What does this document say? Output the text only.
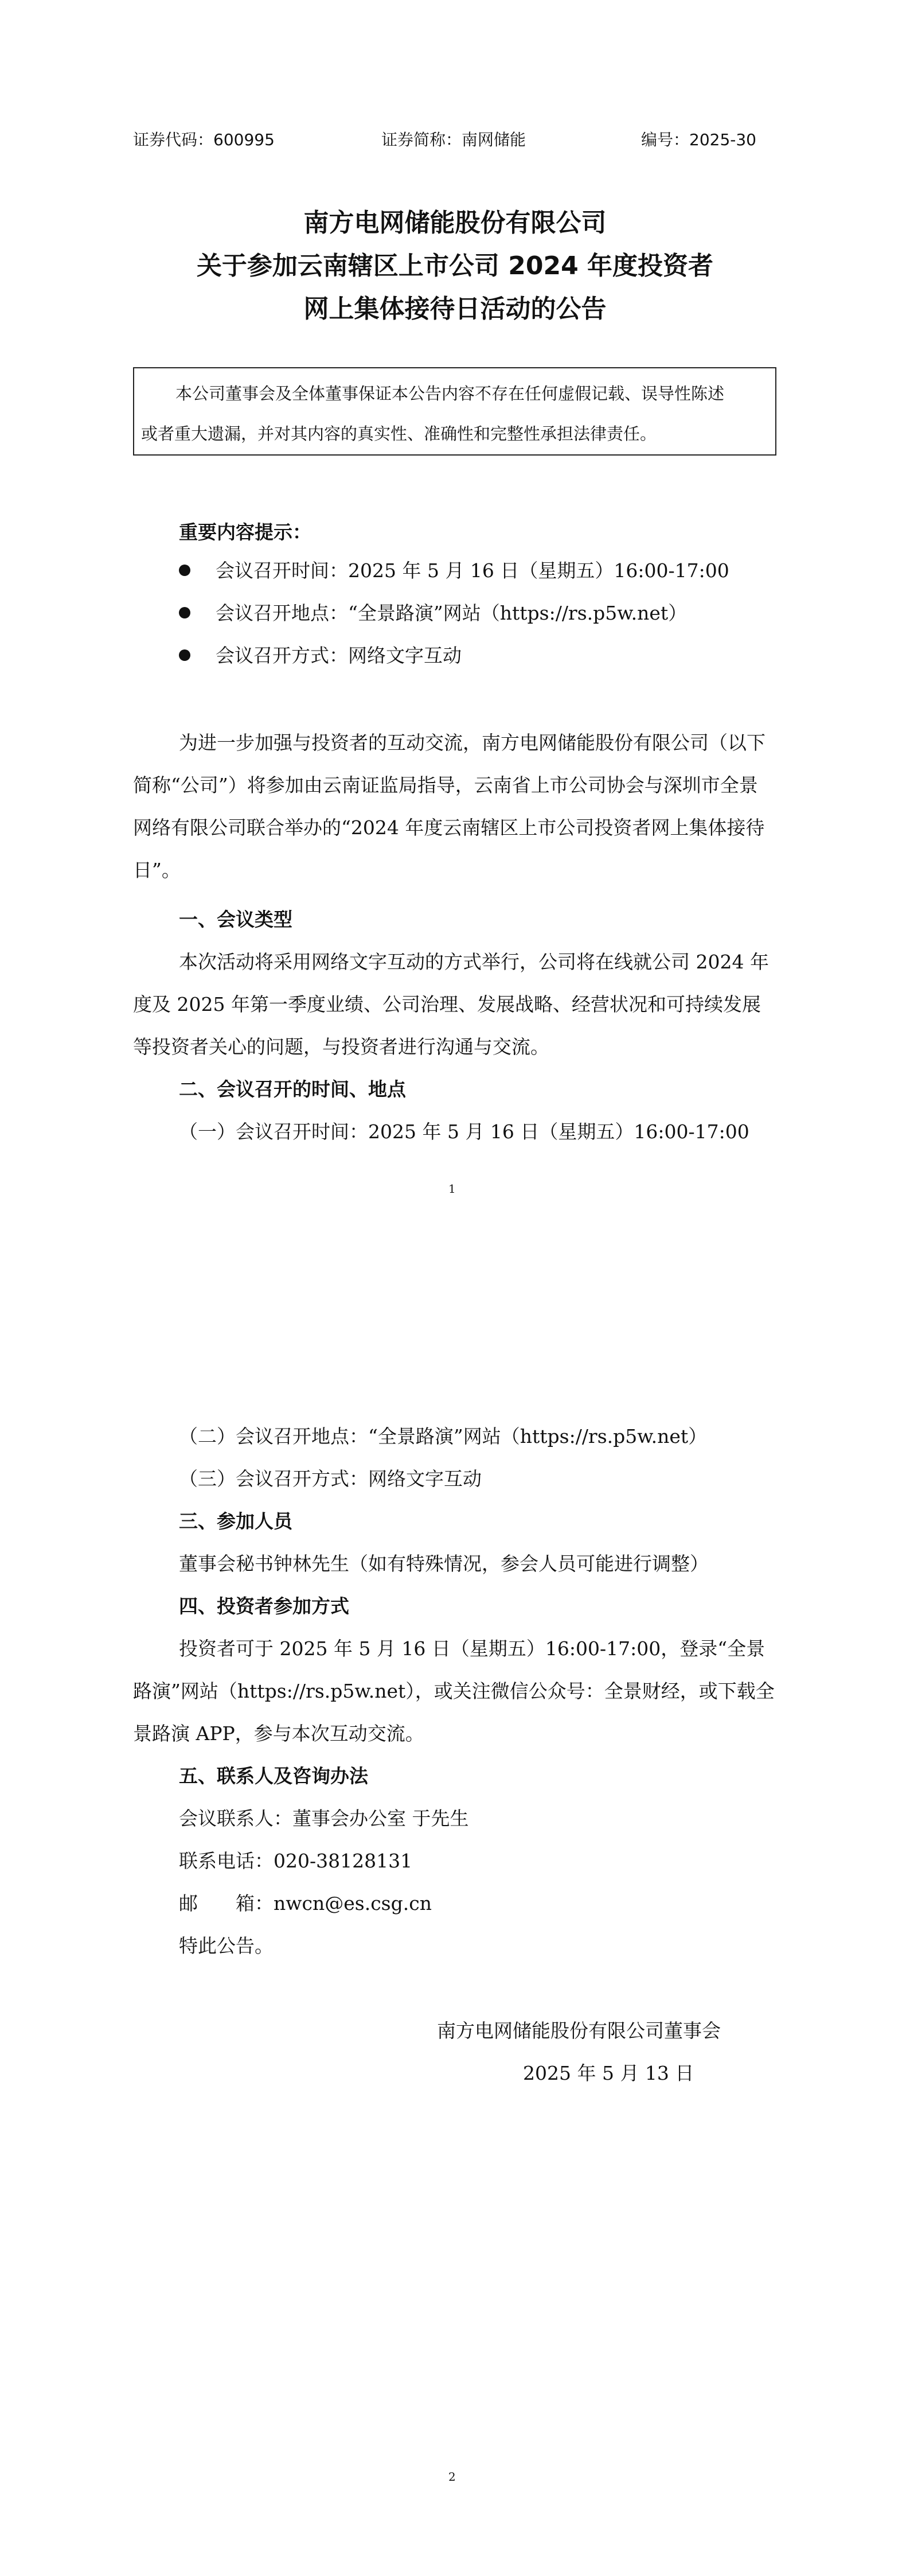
证券代码：600995	证券简称：南网储能	编号：2025-30
南方电网储能股份有限公司
关于参加云南辖区上市公司 2024 年度投资者
网上集体接待日活动的公告
本公司董事会及全体董事保证本公告内容不存在任何虚假记载、误导性陈述
或者重大遗漏，并对其内容的真实性、准确性和完整性承担法律责任。
重要内容提示：
会议召开时间：2025 年 5 月 16 日（星期五）16:00-17:00
会议召开地点：“全景路演”网站（https://rs.p5w.net）
会议召开方式：网络文字互动
为进一步加强与投资者的互动交流，南方电网储能股份有限公司（以下简称“公司”）将参加由云南证监局指导，云南省上市公司协会与深圳市全景网络有限公司联合举办的“2024 年度云南辖区上市公司投资者网上集体接待日”。
一、会议类型
本次活动将采用网络文字互动的方式举行，公司将在线就公司 2024 年度及 2025 年第一季度业绩、公司治理、发展战略、经营状况和可持续发展等投资者关心的问题，与投资者进行沟通与交流。
二、会议召开的时间、地点
（一）会议召开时间：2025 年 5 月 16 日（星期五）16:00-17:00
1
（二）会议召开地点：“全景路演”网站（https://rs.p5w.net）
（三）会议召开方式：网络文字互动
三、参加人员
董事会秘书钟林先生（如有特殊情况，参会人员可能进行调整）
四、投资者参加方式
投资者可于 2025 年 5 月 16 日（星期五）16:00-17:00，登录“全景路演”网站（https://rs.p5w.net），或关注微信公众号：全景财经，或下载全景路演 APP，参与本次互动交流。
五、联系人及咨询办法
会议联系人：董事会办公室 于先生
联系电话：020-38128131
邮　　箱：nwcn@es.csg.cn
特此公告。
南方电网储能股份有限公司董事会
2025 年 5 月 13 日
2
